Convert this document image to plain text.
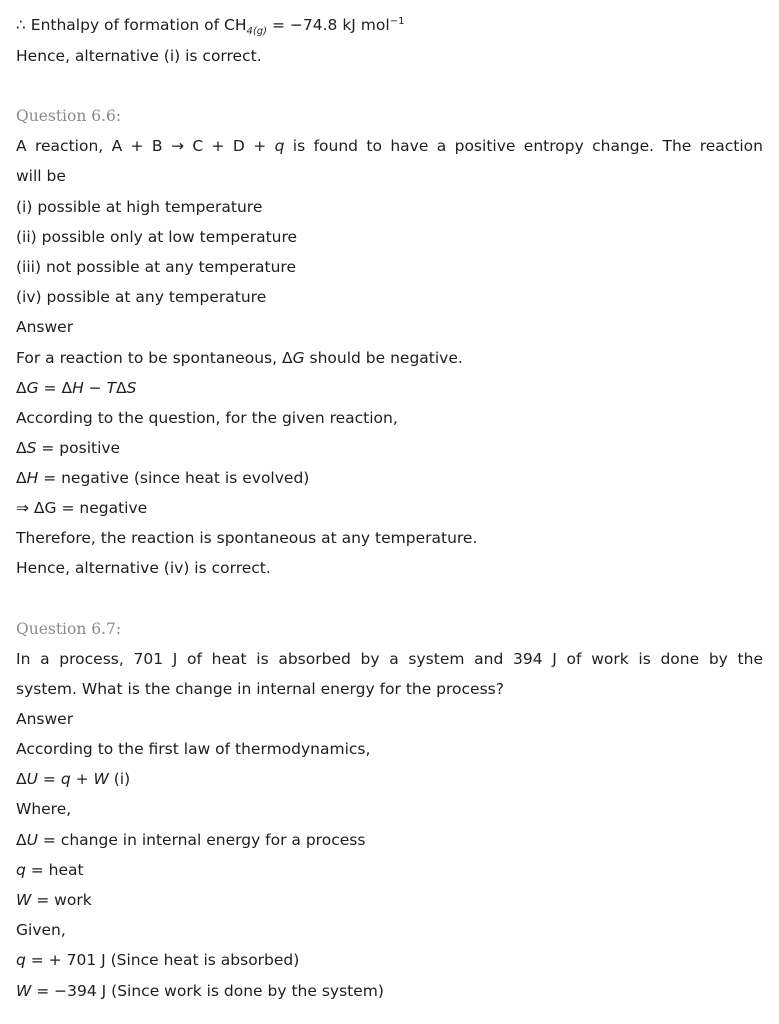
∴ Enthalpy of formation of $CH_{4(g)} = -74.8$ kJ mol$^{-1}$
Hence, alternative (i) is correct.
Question 6.6:
A reaction, A + B → C + D + q is found to have a positive entropy change. The reaction
will be
(i) possible at high temperature
(ii) possible only at low temperature
(iii) not possible at any temperature
(iv) possible at any temperature
Answer
For a reaction to be spontaneous, ΔG should be negative.
ΔG = ΔH − TΔS
According to the question, for the given reaction,
ΔS = positive
ΔH = negative (since heat is evolved)
⇒ ΔG = negative
Therefore, the reaction is spontaneous at any temperature.
Hence, alternative (iv) is correct.
Question 6.7:
In a process, 701 J of heat is absorbed by a system and 394 J of work is done by the
system. What is the change in internal energy for the process?
Answer
According to the first law of thermodynamics,
ΔU = q + W (i)
Where,
ΔU = change in internal energy for a process
q = heat
W = work
Given,
q = + 701 J (Since heat is absorbed)
W = −394 J (Since work is done by the system)
